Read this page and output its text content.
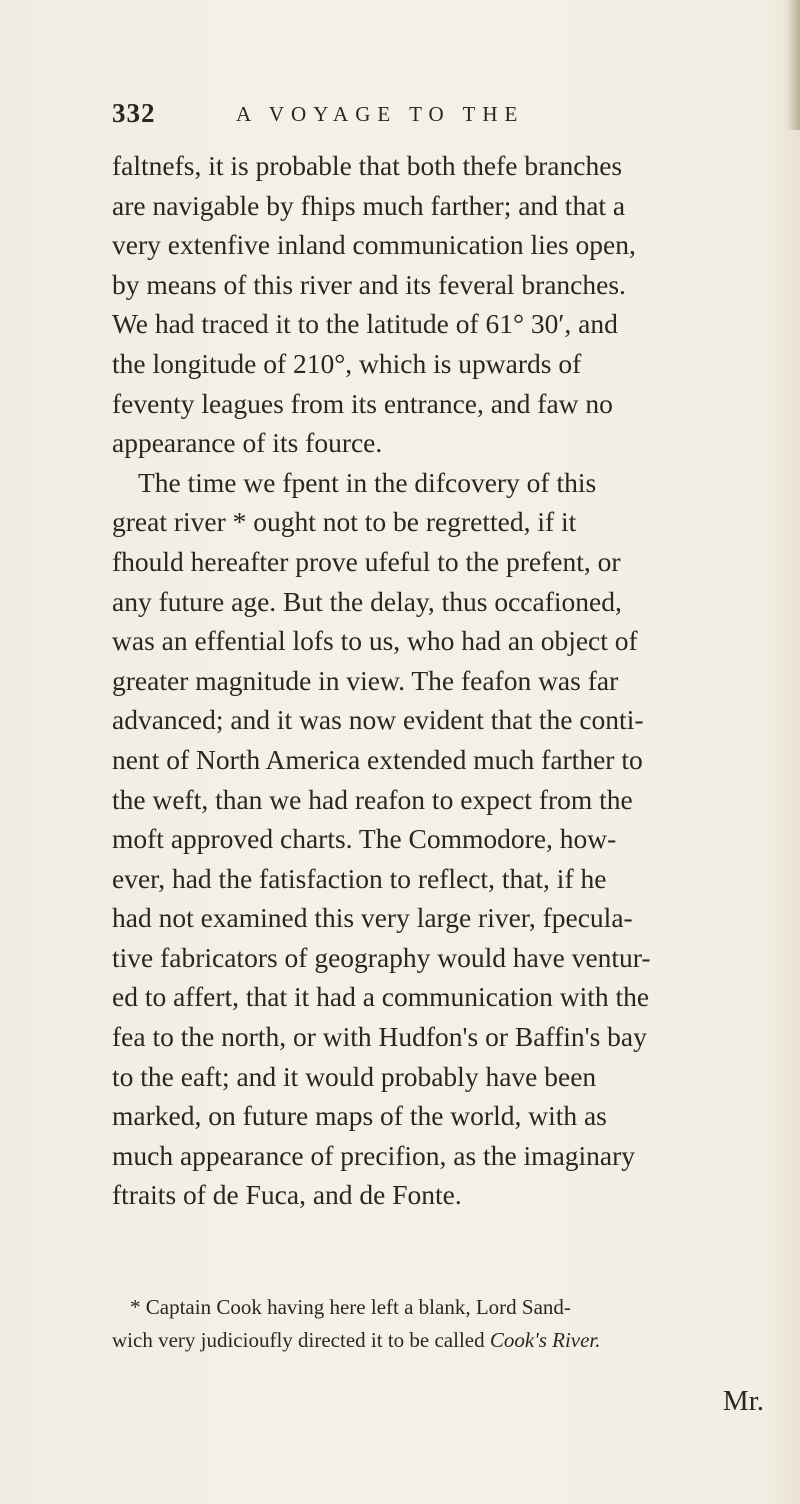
332	A VOYAGE TO THE
faltnefs, it is probable that both thefe branches
are navigable by fhips much farther; and that a
very extenfive inland communication lies open,
by means of this river and its feveral branches.
We had traced it to the latitude of 61° 30′, and
the longitude of 210°, which is upwards of
feventy leagues from its entrance, and faw no
appearance of its fource.
The time we fpent in the difcovery of this
great river * ought not to be regretted, if it
fhould hereafter prove ufeful to the prefent, or
any future age. But the delay, thus occafioned,
was an effential lofs to us, who had an object of
greater magnitude in view. The feafon was far
advanced; and it was now evident that the conti-
nent of North America extended much farther to
the weft, than we had reafon to expect from the
moft approved charts. The Commodore, how-
ever, had the fatisfaction to reflect, that, if he
had not examined this very large river, fpecula-
tive fabricators of geography would have ventur-
ed to affert, that it had a communication with the
fea to the north, or with Hudfon's or Baffin's bay
to the eaft; and it would probably have been
marked, on future maps of the world, with as
much appearance of precifion, as the imaginary
ftraits of de Fuca, and de Fonte.
* Captain Cook having here left a blank, Lord Sand-
wich very judicioufly directed it to be called Cook's River.
Mr.
